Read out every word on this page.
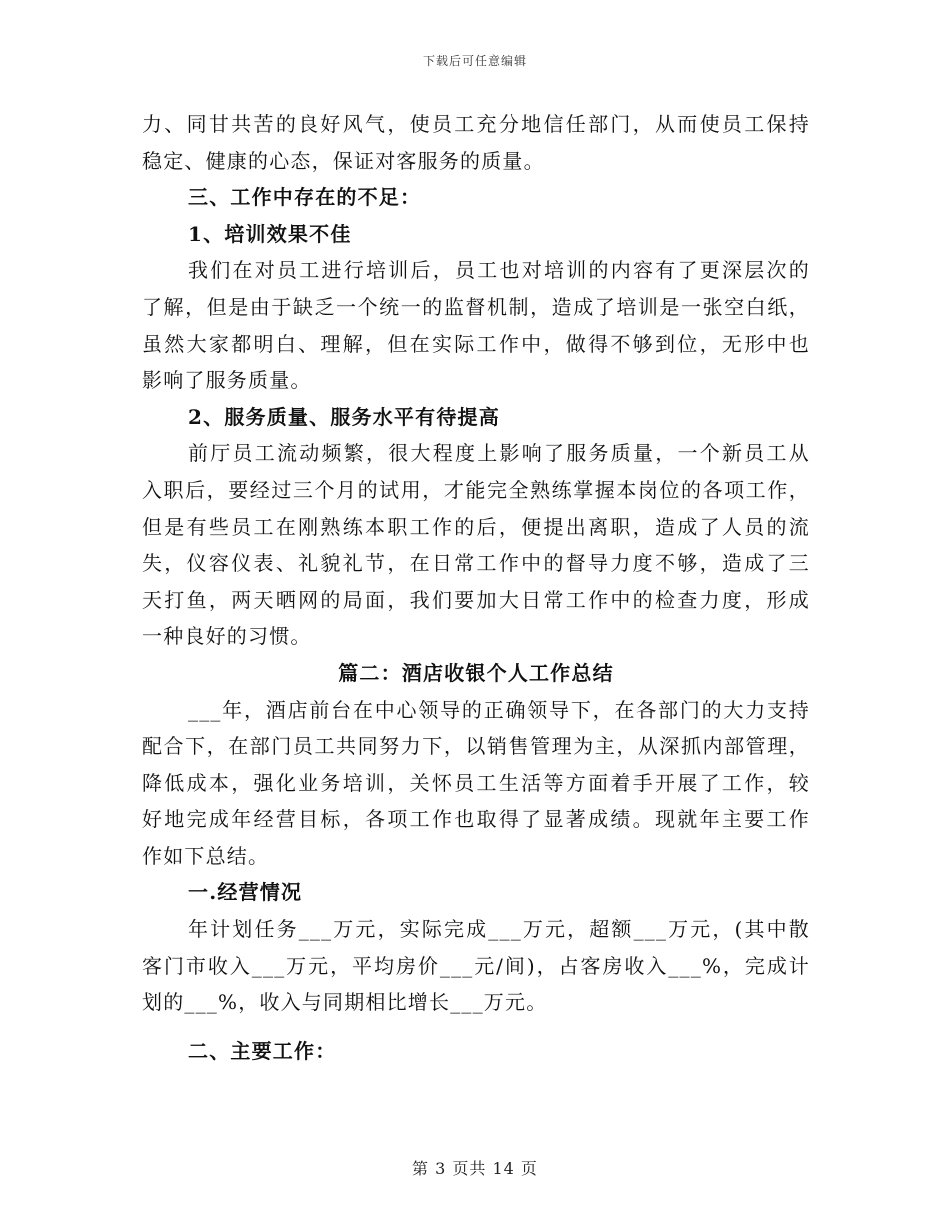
下载后可任意编辑
力、同甘共苦的良好风气，使员工充分地信任部门，从而使员工保持
稳定、健康的心态，保证对客服务的质量。
三、工作中存在的不足：
1、培训效果不佳
我们在对员工进行培训后，员工也对培训的内容有了更深层次的
了解，但是由于缺乏一个统一的监督机制，造成了培训是一张空白纸，
虽然大家都明白、理解，但在实际工作中，做得不够到位，无形中也
影响了服务质量。
2、服务质量、服务水平有待提高
前厅员工流动频繁，很大程度上影响了服务质量，一个新员工从
入职后，要经过三个月的试用，才能完全熟练掌握本岗位的各项工作，
但是有些员工在刚熟练本职工作的后，便提出离职，造成了人员的流
失，仪容仪表、礼貌礼节，在日常工作中的督导力度不够，造成了三
天打鱼，两天晒网的局面，我们要加大日常工作中的检查力度，形成
一种良好的习惯。
篇二：酒店收银个人工作总结
___年，酒店前台在中心领导的正确领导下，在各部门的大力支持
配合下，在部门员工共同努力下，以销售管理为主，从深抓内部管理，
降低成本，强化业务培训，关怀员工生活等方面着手开展了工作，较
好地完成年经营目标，各项工作也取得了显著成绩。现就年主要工作
作如下总结。
一.经营情况
年计划任务___万元，实际完成___万元，超额___万元，(其中散
客门市收入___万元，平均房价___元/间)，占客房收入___%，完成计
划的___%，收入与同期相比增长___万元。
二、主要工作：
第 3 页共 14 页
